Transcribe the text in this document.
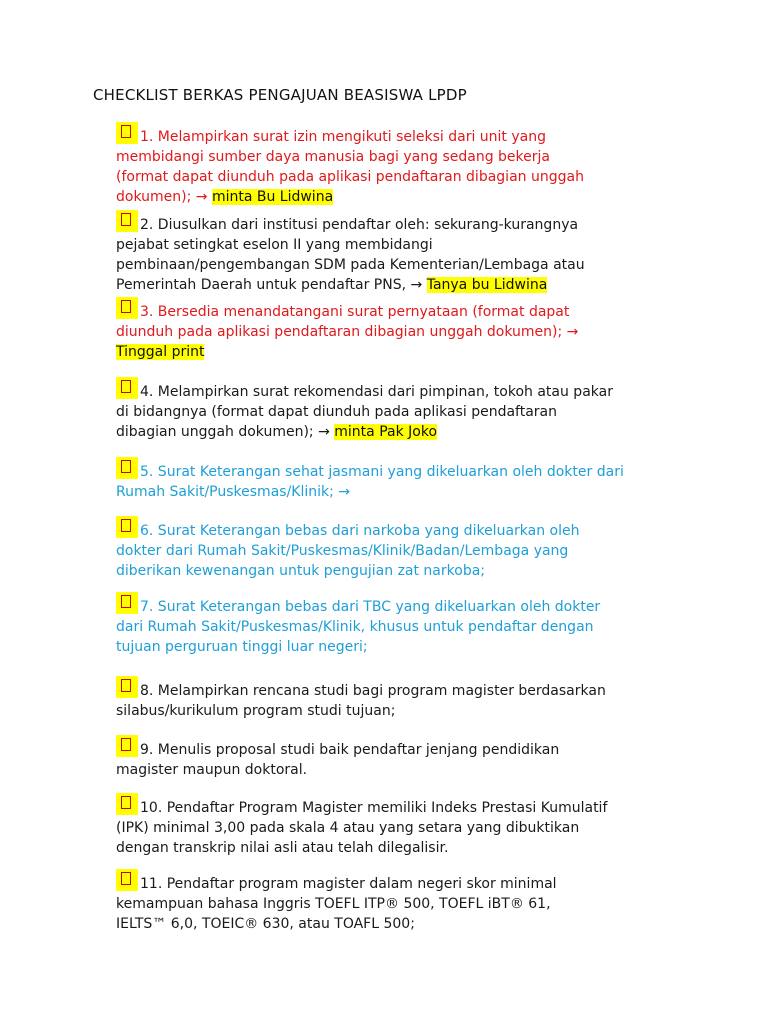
CHECKLIST BERKAS PENGAJUAN BEASISWA LPDP
1. Melampirkan surat izin mengikuti seleksi dari unit yang
membidangi sumber daya manusia bagi yang sedang bekerja
(format dapat diunduh pada aplikasi pendaftaran dibagian unggah
dokumen); → minta Bu Lidwina
2. Diusulkan dari institusi pendaftar oleh: sekurang-kurangnya
pejabat setingkat eselon II yang membidangi
pembinaan/pengembangan SDM pada Kementerian/Lembaga atau
Pemerintah Daerah untuk pendaftar PNS, → Tanya bu Lidwina
3. Bersedia menandatangani surat pernyataan (format dapat
diunduh pada aplikasi pendaftaran dibagian unggah dokumen); →
Tinggal print
4. Melampirkan surat rekomendasi dari pimpinan, tokoh atau pakar
di bidangnya (format dapat diunduh pada aplikasi pendaftaran
dibagian unggah dokumen); → minta Pak Joko
5. Surat Keterangan sehat jasmani yang dikeluarkan oleh dokter dari
Rumah Sakit/Puskesmas/Klinik; →
6. Surat Keterangan bebas dari narkoba yang dikeluarkan oleh
dokter dari Rumah Sakit/Puskesmas/Klinik/Badan/Lembaga yang
diberikan kewenangan untuk pengujian zat narkoba;
7. Surat Keterangan bebas dari TBC yang dikeluarkan oleh dokter
dari Rumah Sakit/Puskesmas/Klinik, khusus untuk pendaftar dengan
tujuan perguruan tinggi luar negeri;
8. Melampirkan rencana studi bagi program magister berdasarkan
silabus/kurikulum program studi tujuan;
9. Menulis proposal studi baik pendaftar jenjang pendidikan
magister maupun doktoral.
10. Pendaftar Program Magister memiliki Indeks Prestasi Kumulatif
(IPK) minimal 3,00 pada skala 4 atau yang setara yang dibuktikan
dengan transkrip nilai asli atau telah dilegalisir.
11. Pendaftar program magister dalam negeri skor minimal
kemampuan bahasa Inggris TOEFL ITP® 500, TOEFL iBT® 61,
IELTS™ 6,0, TOEIC® 630, atau TOAFL 500;
